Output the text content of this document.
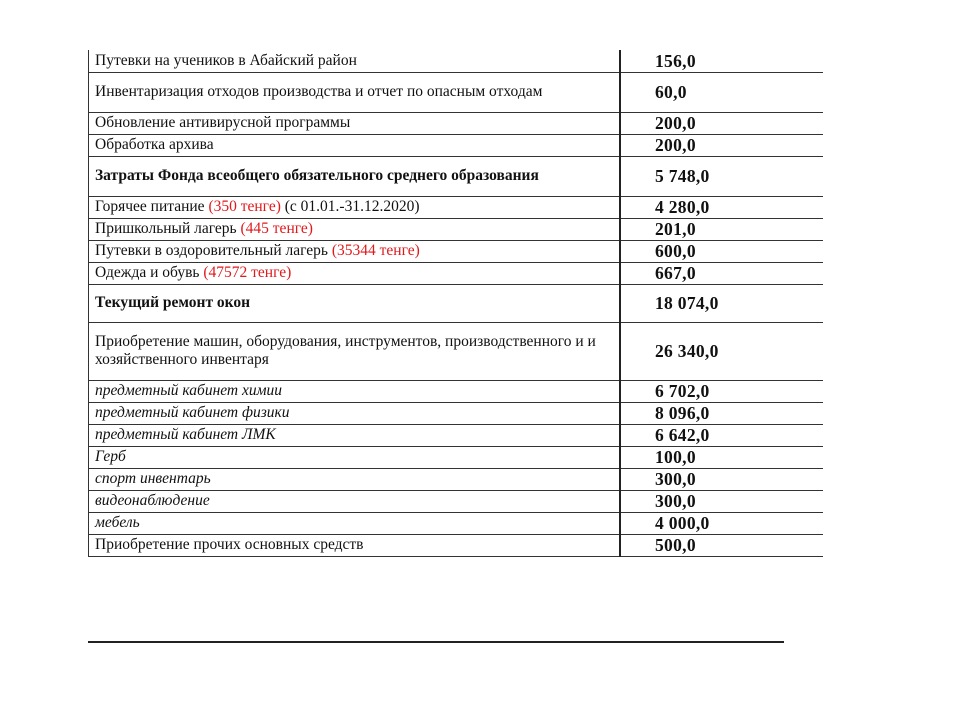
Путевки на учеников в Абайский район	156,0
Инвентаризация отходов производства и отчет по опасным отходам	60,0
Обновление антивирусной программы	200,0
Обработка архива	200,0
Затраты Фонда всеобщего обязательного среднего образования	5 748,0
Горячее питание (350 тенге) (с 01.01.-31.12.2020)	4 280,0
Пришкольный лагерь (445 тенге)	201,0
Путевки в оздоровительный лагерь (35344 тенге)	600,0
Одежда и обувь (47572 тенге)	667,0
Текущий ремонт окон	18 074,0
Приобретение машин, оборудования, инструментов, производственного и и хозяйственного инвентаря	26 340,0
предметный кабинет химии	6 702,0
предметный кабинет физики	8 096,0
предметный кабинет ЛМК	6 642,0
Герб	100,0
спорт инвентарь	300,0
видеонаблюдение	300,0
мебель	4 000,0
Приобретение прочих основных средств	500,0
